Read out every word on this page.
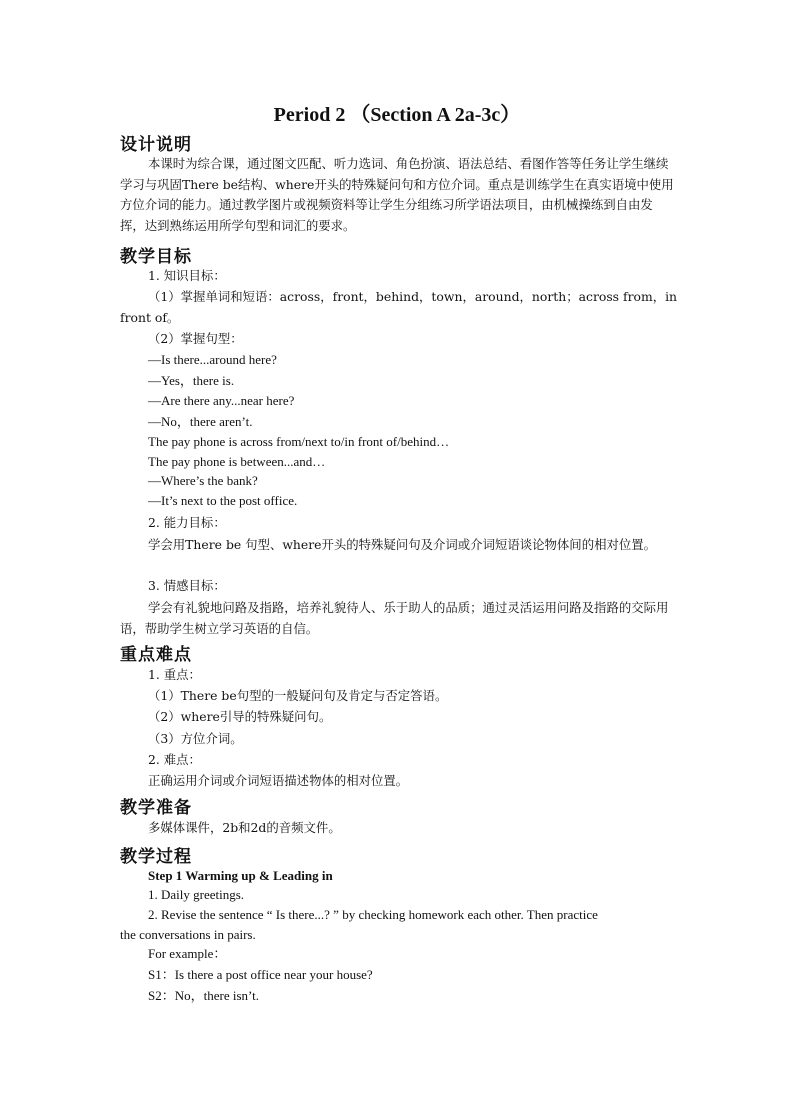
Period 2 （Section A 2a-3c）
设计说明
本课时为综合课，通过图文匹配、听力选词、角色扮演、语法总结、看图作答等任务让学生继续学习与巩固There be结构、where开头的特殊疑问句和方位介词。重点是训练学生在真实语境中使用方位介词的能力。通过教学图片或视频资料等让学生分组练习所学语法项目，由机械操练到自由发挥，达到熟练运用所学句型和词汇的要求。
教学目标
1. 知识目标：
（1）掌握单词和短语：across，front，behind，town，around，north；across from，in
front of。
（2）掌握句型：
—Is there...around here?
—Yes，there is.
—Are there any...near here?
—No，there aren’t.
The pay phone is across from/next to/in front of/behind…
The pay phone is between...and…
—Where’s the bank?
—It’s next to the post office.
2. 能力目标：
学会用There be 句型、where开头的特殊疑问句及介词或介词短语谈论物体间的相对位置。
3. 情感目标：
学会有礼貌地问路及指路，培养礼貌待人、乐于助人的品质；通过灵活运用问路及指路的交际用语，帮助学生树立学习英语的自信。
重点难点
1. 重点：
（1）There be句型的一般疑问句及肯定与否定答语。
（2）where引导的特殊疑问句。
（3）方位介词。
2. 难点：
正确运用介词或介词短语描述物体的相对位置。
教学准备
多媒体课件，2b和2d的音频文件。
教学过程
Step 1 Warming up & Leading in
1. Daily greetings.
2. Revise the sentence “ Is there...? ” by checking homework each other. Then practice
the conversations in pairs.
For example：
S1：Is there a post office near your house?
S2：No，there isn’t.
